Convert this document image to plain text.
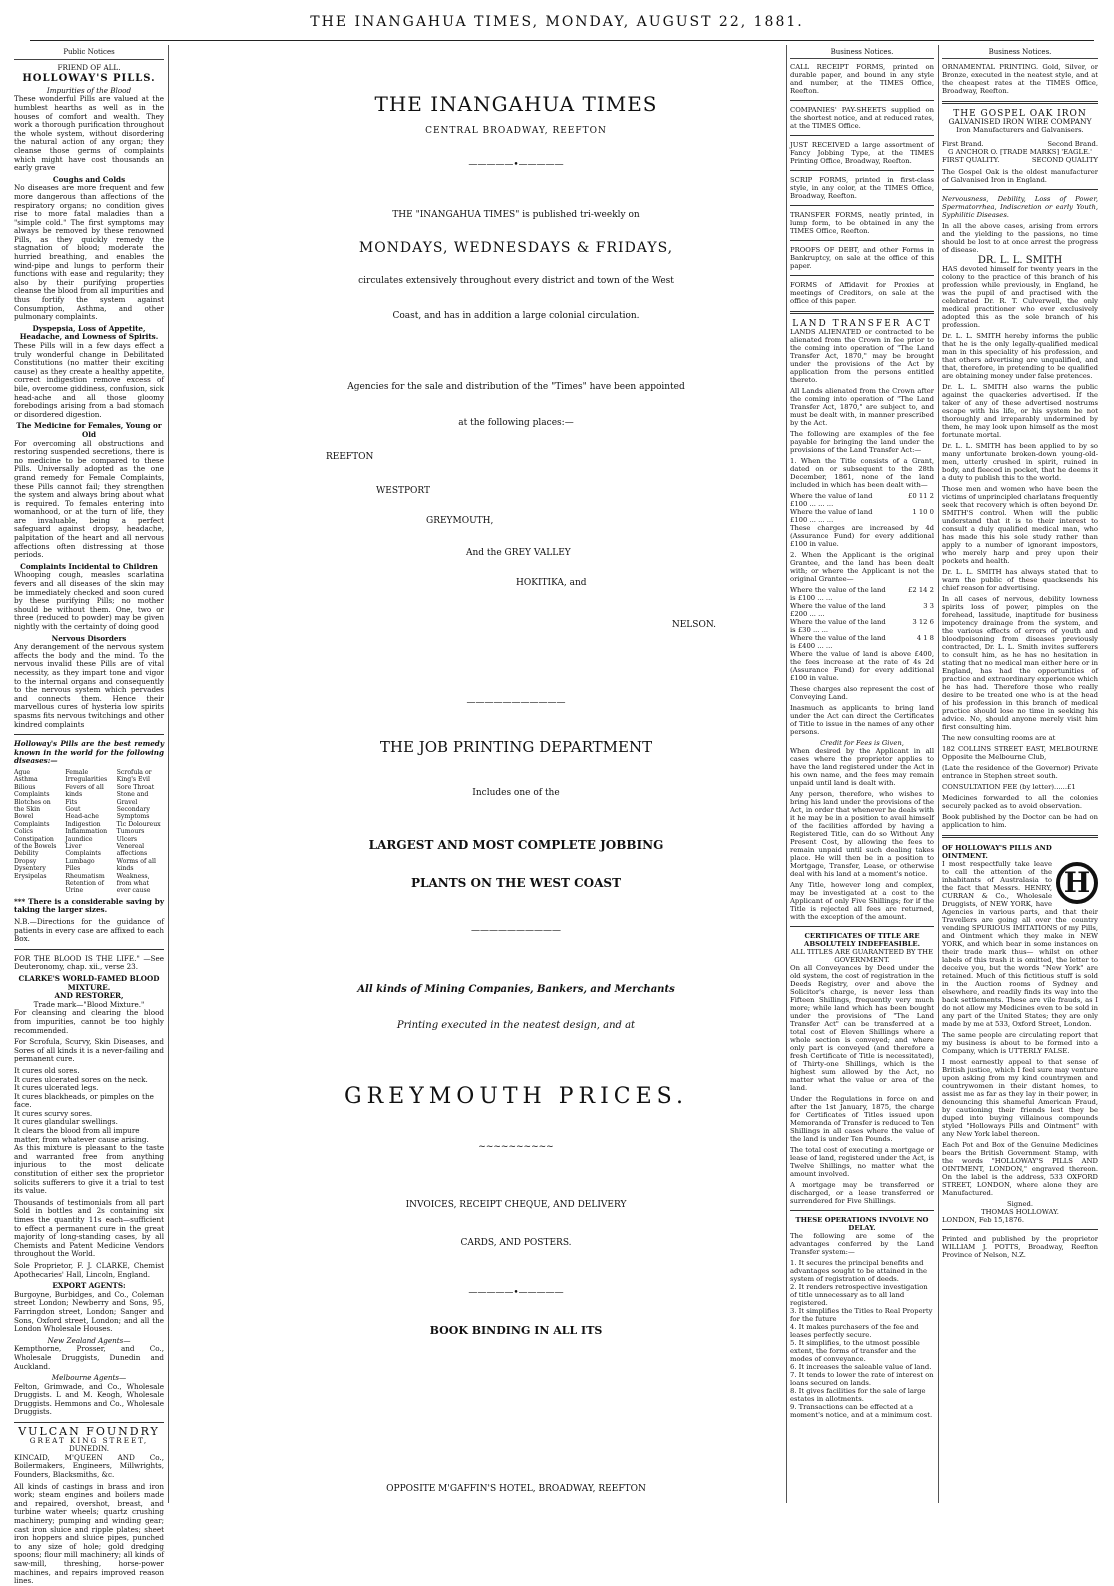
THE INANGAHUA TIMES, MONDAY, AUGUST 22, 1881.
Public Notices
FRIEND OF ALL.
HOLLOWAY'S PILLS.
Impurities of the Blood

These wonderful Pills are valued at the humblest hearths as well as in the houses of comfort and wealth. They work a thorough purification throughout the whole system, without disordering the natural action of any organ; they cleanse those germs of complaints which might have cost thousands an early grave

Coughs and Colds

No diseases are more frequent and few more dangerous than affections of the respiratory organs; no condition gives rise to more fatal maladies than a "simple cold." The first symptoms may always be removed by these renowned Pills, as they quickly remedy the stagnation of blood; moderate the hurried breathing, and enables the wind-pipe and lungs to perform their functions with ease and regularity; they also by their purifying properties cleanse the blood from all impurities and thus fortify the system against Consumption, Asthma, and other pulmonary complaints.

Dyspepsia, Loss of Appetite, Headache, and Lowness of Spirits.

These Pills will in a few days effect a truly wonderful change in Debilitated Constitutions (no matter their exciting cause) as they create a healthy appetite, correct indigestion remove excess of bile, overcome giddiness, confusion, sick head-ache and all those gloomy forebodings arising from a bad stomach or disordered digestion.

The Medicine for Females, Young or Old

For overcoming all obstructions and restoring suspended secretions, there is no medicine to be compared to these Pills. Universally adopted as the one grand remedy for Female Complaints, these Pills cannot fail; they strengthen the system and always bring about what is required. To females entering into womanhood, or at the turn of life, they are invaluable, being a perfect safeguard against dropsy, headache, palpitation of the heart and all nervous affections often distressing at those periods.

Complaints Incidental to Children

Whooping cough, measles scarlatina fevers and all diseases of the skin may be immediately checked and soon cured by these purifying Pills; no mother should be without them. One, two or three (reduced to powder) may be given nightly with the certainty of doing good

Nervous Disorders

Any derangement of the nervous system affects the body and the mind. To the nervous invalid these Pills are of vital necessity, as they impart tone and vigor to the internal organs and consequently to the nervous system which pervades and connects them. Hence their marvellous cures of hysteria low spirits spasms fits nervous twitchings and other kindred complaints

Holloway's Pills are the best remedy known in the world for the following diseases:—

Ague
Asthma
Bilious Complaints
Blotches on the Skin
Bowel Complaints
Colics
Constipation of the Bowels
Debility
Dropsy
Dysentery
Erysipelas
Female Irregularities
Fevers of all kinds
Fits
Gout
Head-ache
Indigestion
Inflammation
Jaundice
Liver Complaints
Lumbago
Piles
Rheumatism
Retention of Urine
Scrofula or King's Evil
Sore Throat
Stone and Gravel
Secondary Symptoms
Tic Doloureux
Tumours
Ulcers
Venereal affections
Worms of all kinds
Weakness, from what ever cause

*** There is a considerable saving by taking the larger sizes.

N.B.—Directions for the guidance of patients in every case are affixed to each Box.

FOR THE BLOOD IS THE LIFE." —See Deuteronomy, chap. xii., verse 23.

CLARKE'S WORLD-FAMED BLOOD MIXTURE.
AND RESTORER,
Trade mark—"Blood Mixture."

For cleansing and clearing the blood from impurities, cannot be too highly recommended.

For Scrofula, Scurvy, Skin Diseases, and Sores of all kinds it is a never-failing and permanent cure.

It cures old sores.
It cures ulcerated sores on the neck.
It cures ulcerated legs.
It cures blackheads, or pimples on the face.
It cures scurvy sores.
It cures glandular swellings.
It clears the blood from all impure matter, from whatever cause arising.

As this mixture is pleasant to the taste and warranted free from anything injurious to the most delicate constitution of either sex the proprietor solicits sufferers to give it a trial to test its value.

Thousands of testimonials from all part Sold in bottles and 2s containing six times the quantity 11s each—sufficient to effect a permanent cure in the great majority of long-standing cases, by all Chemists and Patent Medicine Vendors throughout the World.

Sole Proprietor, F. J. CLARKE, Chemist Apothecaries' Hall, Lincoln, England.

EXPORT AGENTS:

Burgoyne, Burbidges, and Co., Coleman street London; Newberry and Sons, 95, Farringdon street, London; Sanger and Sons, Oxford street, London; and all the London Wholesale Houses.

New Zealand Agents—

Kempthorne, Prosser, and Co., Wholesale Druggists, Dunedin and Auckland.

Melbourne Agents—

Felton, Grimwade, and Co., Wholesale Druggists. L and M. Keogh, Wholesale Druggists. Hemmons and Co., Wholesale Druggists.

VULCAN FOUNDRY
GREAT KING STREET,
DUNEDIN.

KINCAID, M'QUEEN AND Co., Boilermakers, Engineers, Millwrights, Founders, Blacksmiths, &c.

All kinds of castings in brass and iron work; steam engines and boilers made and repaired, overshot, breast, and turbine water wheels; quartz crushing machinery; pumping and winding gear; cast iron sluice and ripple plates; sheet iron hoppers and sluice pipes, punched to any size of hole; gold dredging spoons; flour mill machinery; all kinds of saw-mill, threshing, horse-power machines, and repairs improved reason lines.

THE INANGAHUA TIMES
CENTRAL BROADWAY, REEFTON
—————•—————
THE "INANGAHUA TIMES" is published tri-weekly on
MONDAYS, WEDNESDAYS & FRIDAYS,
circulates extensively throughout every district and town of the West
Coast, and has in addition a large colonial circulation.
Agencies for the sale and distribution of the "Times" have been appointed
at the following places:—
REEFTON
WESTPORT
GREYMOUTH,
And the GREY VALLEY
HOKITIKA, and
NELSON.
———————————
THE JOB PRINTING DEPARTMENT
Includes one of the
LARGEST AND MOST COMPLETE JOBBING
PLANTS ON THE WEST COAST
——————————
All kinds of Mining Companies, Bankers, and Merchants
Printing executed in the neatest design, and at
GREYMOUTH PRICES.
~~~~~~~~~~
INVOICES, RECEIPT CHEQUE, AND DELIVERY
CARDS, AND POSTERS.
—————•—————
BOOK BINDING IN ALL ITS
OPPOSITE M'GAFFIN'S HOTEL, BROADWAY, REEFTON
Business Notices.

CALL RECEIPT FORMS, printed on durable paper, and bound in any style and number, at the TIMES Office, Reefton.

COMPANIES' PAY-SHEETS supplied on the shortest notice, and at reduced rates, at the TIMES Office.

JUST RECEIVED a large assortment of Fancy Jobbing Type, at the TIMES Printing Office, Broadway, Reefton.

SCRIP FORMS, printed in first-class style, in any color, at the TIMES Office, Broadway, Reefton.

TRANSFER FORMS, neatly printed, in lump form, to be obtained in any the TIMES Office, Reefton.

PROOFS OF DEBT, and other Forms in Bankruptcy, on sale at the office of this paper.

FORMS of Affidavit for Proxies at meetings of Creditors, on sale at the office of this paper.

LAND TRANSFER ACT

LANDS ALIENATED or contracted to be alienated from the Crown in fee prior to the coming into operation of "The Land Transfer Act, 1870," may be brought under the provisions of the Act by application from the persons entitled thereto.

All Lands alienated from the Crown after the coming into operation of "The Land Transfer Act, 1870," are subject to, and must be dealt with, in manner prescribed by the Act.

The following are examples of the fee payable for bringing the land under the provisions of the Land Transfer Act:—

1. When the Title consists of a Grant, dated on or subsequent to the 28th December, 1861, none of the land included in which has been dealt with—

Where the value of land £100 ... ... ...
£0 11 2
Where the value of land £100 ... ... ...
1 10 0

These charges are increased by 4d (Assurance Fund) for every additional £100 in value.

2. When the Applicant is the original Grantee, and the land has been dealt with; or where the Applicant is not the original Grantee—

Where the value of the land is £100 ... ...
£2 14 2
Where the value of the land £200 ... ...
3 3
Where the value of the land is £30 ... ...
3 12 6
Where the value of the land is £400 ... ...
4 1 8

Where the value of land is above £400, the fees increase at the rate of 4s 2d (Assurance Fund) for every additional £100 in value.

These charges also represent the cost of Conveying Land.

Inasmuch as applicants to bring land under the Act can direct the Certificates of Title to issue in the names of any other persons.

Credit for Fees is Given,

When desired by the Applicant in all cases where the proprietor applies to have the land registered under the Act in his own name, and the fees may remain unpaid until land is dealt with.

Any person, therefore, who wishes to bring his land under the provisions of the Act, in order that whenever he deals with it he may be in a position to avail himself of the facilities afforded by having a Registered Title, can do so Without Any Present Cost, by allowing the fees to remain unpaid until such dealing takes place. He will then be in a position to Mortgage, Transfer, Lease, or otherwise deal with his land at a moment's notice.

Any Title, however long and complex, may be investigated at a cost to the Applicant of only Five Shillings; for if the Title is rejected all fees are returned, with the exception of the amount.

CERTIFICATES OF TITLE ARE ABSOLUTELY INDEFEASIBLE.
ALL TITLES ARE GUARANTEED BY THE GOVERNMENT.

On all Conveyances by Deed under the old system, the cost of registration in the Deeds Registry, over and above the Solicitor's charge, is never less than Fifteen Shillings, frequently very much more; while land which has been bought under the provisions of "The Land Transfer Act" can be transferred at a total cost of Eleven Shillings where a whole section is conveyed; and where only part is conveyed (and therefore a fresh Certificate of Title is necessitated), of Thirty-one Shillings, which is the highest sum allowed by the Act, no matter what the value or area of the land.

Under the Regulations in force on and after the 1st January, 1875, the charge for Certificates of Titles issued upon Memoranda of Transfer is reduced to Ten Shillings in all cases where the value of the land is under Ten Pounds.

The total cost of executing a mortgage or lease of land, registered under the Act, is Twelve Shillings, no matter what the amount involved.

A mortgage may be transferred or discharged, or a lease transferred or surrendered for Five Shillings.

THESE OPERATIONS INVOLVE NO DELAY.

The following are some of the advantages conferred by the Land Transfer system:—

1. It secures the principal benefits and advantages sought to be attained in the system of registration of deeds.
2. It renders retrospective investigation of title unnecessary as to all land registered.
3. It simplifies the Titles to Real Property for the future
4. It makes purchasers of the fee and leases perfectly secure.
5. It simplifies, to the utmost possible extent, the forms of transfer and the modes of conveyance.
6. It increases the saleable value of land.
7. It tends to lower the rate of interest on loans secured on lands.
8. It gives facilities for the sale of large estates in allotments.
9. Transactions can be effected at a moment's notice, and at a minimum cost.
Business Notices.

ORNAMENTAL PRINTING. Gold, Silver, or Bronze, executed in the neatest style, and at the cheapest rates at the TIMES Office, Broadway, Reefton.

THE GOSPEL OAK IRON
GALVANISED IRON WIRE COMPANY
Iron Manufacturers and Galvanisers.
First Brand.	Second Brand.
G ANCHOR O. [TRADE MARKS] 'EAGLE.'
FIRST QUALITY.	SECOND QUALITY

The Gospel Oak is the oldest manufacturer of Galvanised Iron in England.

Nervousness, Debility, Loss of Power, Spermatorrhea, Indiscretion or early Youth, Syphilitic Diseases.

In all the above cases, arising from errors and the yielding to the passions, no time should be lost to at once arrest the progress of disease.

DR. L. L. SMITH

HAS devoted himself for twenty years in the colony to the practice of this branch of his profession while previously, in England, he was the pupil of and practised with the celebrated Dr. R. T. Culverwell, the only medical practitioner who ever exclusively adopted this as the sole branch of his profession.

Dr. L. L. SMITH hereby informs the public that he is the only legally-qualified medical man in this speciality of his profession, and that others advertising are unqualified, and that, therefore, in pretending to be qualified are obtaining money under false pretences.

Dr. L. L. SMITH also warns the public against the quackeries advertised. If the taker of any of these advertised nostrums escape with his life, or his system be not thoroughly and irreparably undermined by them, he may look upon himself as the most fortunate mortal.

Dr. L. L. SMITH has been applied to by so many unfortunate broken-down young-old-men, utterly crushed in spirit, ruined in body, and fleeced in pocket, that he deems it a duty to publish this to the world.

Those men and women who have been the victims of unprincipled charlatans frequently seek that recovery which is often beyond Dr. SMITH'S control. When will the public understand that it is to their interest to consult a duly qualified medical man, who has made this his sole study rather than apply to a number of ignorant impostors, who merely harp and prey upon their pockets and health.

Dr. L. L. SMITH has always stated that to warn the public of these quacksends his chief reason for advertising.

In all cases of nervous, debility lowness spirits loss of power, pimples on the forehead, lassitude, inaptitude for business impotency drainage from the system, and the various effects of errors of youth and bloodpoisoning from diseases previously contracted, Dr. L. L. Smith invites sufferers to consult him, as he has no hesitation in stating that no medical man either here or in England, has had the opportunities of practice and extraordinary experience which he has had. Therefore those who really desire to be treated one who is at the head of his profession in this branch of medical practice should lose no time in seeking his advice. No, should anyone merely visit him first consulting him.

The new consulting rooms are at

182 COLLINS STREET EAST, MELBOURNE Opposite the Melbourne Club,

(Late the residence of the Governor) Private entrance in Stephen street south.

CONSULTATION FEE (by letter)......£1

Medicines forwarded to all the colonies securely packed as to avoid observation.

Book published by the Doctor can be had on application to him.

OF HOLLOWAY'S PILLS AND OINTMENT.
H

I most respectfully take leave to call the attention of the inhabitants of Australasia to the fact that Messrs. HENRY, CURRAN & Co., Wholesale Druggists, of NEW YORK, have Agencies in various parts, and that their Travellers are going all over the country vending SPURIOUS IMITATIONS of my Pills, and Ointment which they make in NEW YORK, and which bear in some instances on their trade mark thus— whilst on other labels of this trash it is omitted, the letter to deceive you, but the words "New York" are retained. Much of this fictitious stuff is sold in the Auction rooms of Sydney and elsewhere, and readily finds its way into the back settlements. These are vile frauds, as I do not allow my Medicines even to be sold in any part of the United States; they are only made by me at 533, Oxford Street, London.

The same people are circulating report that my business is about to be formed into a Company, which is UTTERLY FALSE.

I most earnestly appeal to that sense of British justice, which I feel sure may venture upon asking from my kind countrymen and countrywomen in their distant homes, to assist me as far as they lay in their power, in denouncing this shameful American Fraud, by cautioning their friends lest they be duped into buying villainous compounds styled "Holloways Pills and Ointment" with any New York label thereon.

Each Pot and Box of the Genuine Medicines bears the British Government Stamp, with the words "HOLLOWAY'S PILLS AND OINTMENT, LONDON," engraved thereon. On the label is the address, 533 OXFORD STREET, LONDON, where alone they are Manufactured.

Signed.
THOMAS HOLLOWAY.
LONDON, Feb 15,1876.

Printed and published by the proprietor WILLIAM J. POTTS, Broadway, Reefton Province of Nelson, N.Z.
